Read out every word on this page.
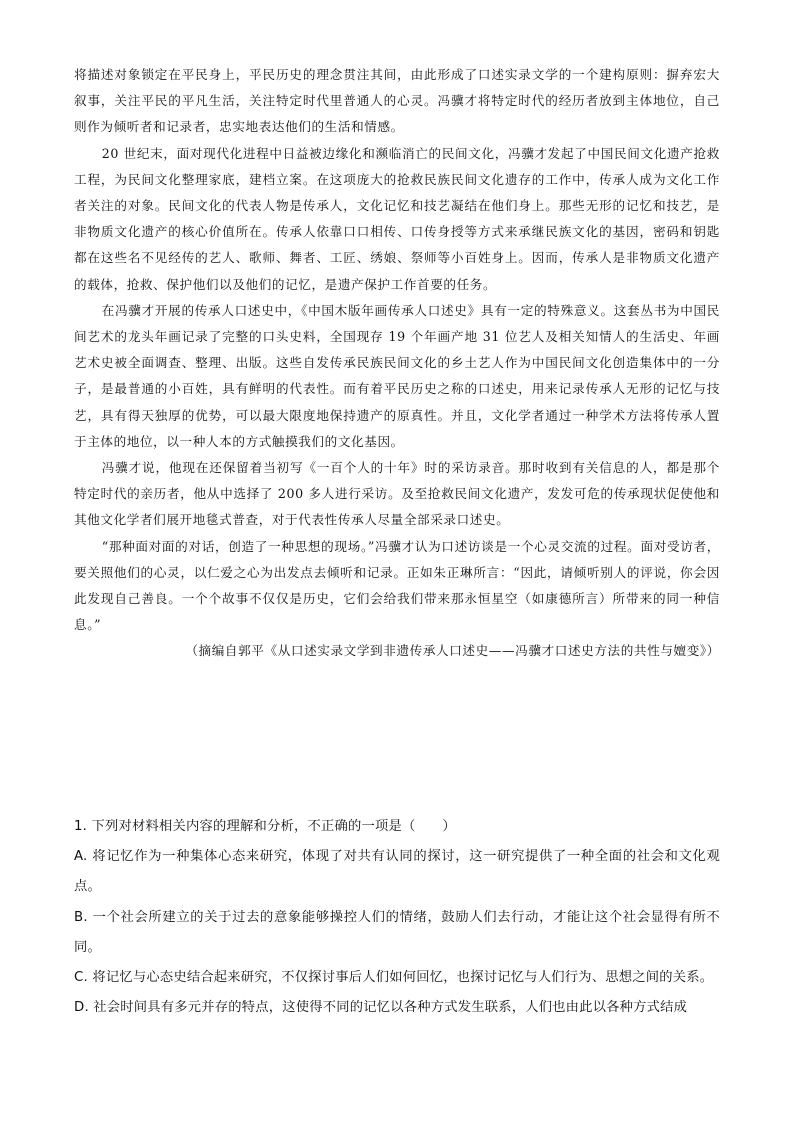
将描述对象锁定在平民身上，平民历史的理念贯注其间，由此形成了口述实录文学的一个建构原则：摒弃宏大叙事，关注平民的平凡生活，关注特定时代里普通人的心灵。冯骥才将特定时代的经历者放到主体地位，自己则作为倾听者和记录者，忠实地表达他们的生活和情感。

20 世纪末，面对现代化进程中日益被边缘化和濒临消亡的民间文化，冯骥才发起了中国民间文化遗产抢救工程，为民间文化整理家底，建档立案。在这项庞大的抢救民族民间文化遗存的工作中，传承人成为文化工作者关注的对象。民间文化的代表人物是传承人，文化记忆和技艺凝结在他们身上。那些无形的记忆和技艺，是非物质文化遗产的核心价值所在。传承人依靠口口相传、口传身授等方式来承继民族文化的基因，密码和钥匙都在这些名不见经传的艺人、歌师、舞者、工匠、绣娘、祭师等小百姓身上。因而，传承人是非物质文化遗产的载体，抢救、保护他们以及他们的记忆，是遗产保护工作首要的任务。

在冯骥才开展的传承人口述史中，《中国木版年画传承人口述史》具有一定的特殊意义。这套丛书为中国民间艺术的龙头年画记录了完整的口头史料，全国现存 19 个年画产地 31 位艺人及相关知情人的生活史、年画艺术史被全面调查、整理、出版。这些自发传承民族民间文化的乡土艺人作为中国民间文化创造集体中的一分子，是最普通的小百姓，具有鲜明的代表性。而有着平民历史之称的口述史，用来记录传承人无形的记忆与技艺，具有得天独厚的优势，可以最大限度地保持遗产的原真性。并且，文化学者通过一种学术方法将传承人置于主体的地位，以一种人本的方式触摸我们的文化基因。

冯骥才说，他现在还保留着当初写《一百个人的十年》时的采访录音。那时收到有关信息的人，都是那个特定时代的亲历者，他从中选择了 200 多人进行采访。及至抢救民间文化遗产，发发可危的传承现状促使他和其他文化学者们展开地毯式普查，对于代表性传承人尽量全部采录口述史。

“那种面对面的对话，创造了一种思想的现场。”冯骥才认为口述访谈是一个心灵交流的过程。面对受访者，要关照他们的心灵，以仁爱之心为出发点去倾听和记录。正如朱正琳所言：“因此，请倾听别人的评说，你会因此发现自己善良。一个个故事不仅仅是历史，它们会给我们带来那永恒星空（如康德所言）所带来的同一种信息。”

（摘编自郭平《从口述实录文学到非遗传承人口述史——冯骥才口述史方法的共性与嬗变》）

1. 下列对材料相关内容的理解和分析，不正确的一项是（　　）

A. 将记忆作为一种集体心态来研究，体现了对共有认同的探讨，这一研究提供了一种全面的社会和文化观点。

B. 一个社会所建立的关于过去的意象能够操控人们的情绪，鼓励人们去行动，才能让这个社会显得有所不同。

C. 将记忆与心态史结合起来研究，不仅探讨事后人们如何回忆，也探讨记忆与人们行为、思想之间的关系。

D. 社会时间具有多元并存的特点，这使得不同的记忆以各种方式发生联系，人们也由此以各种方式结成
